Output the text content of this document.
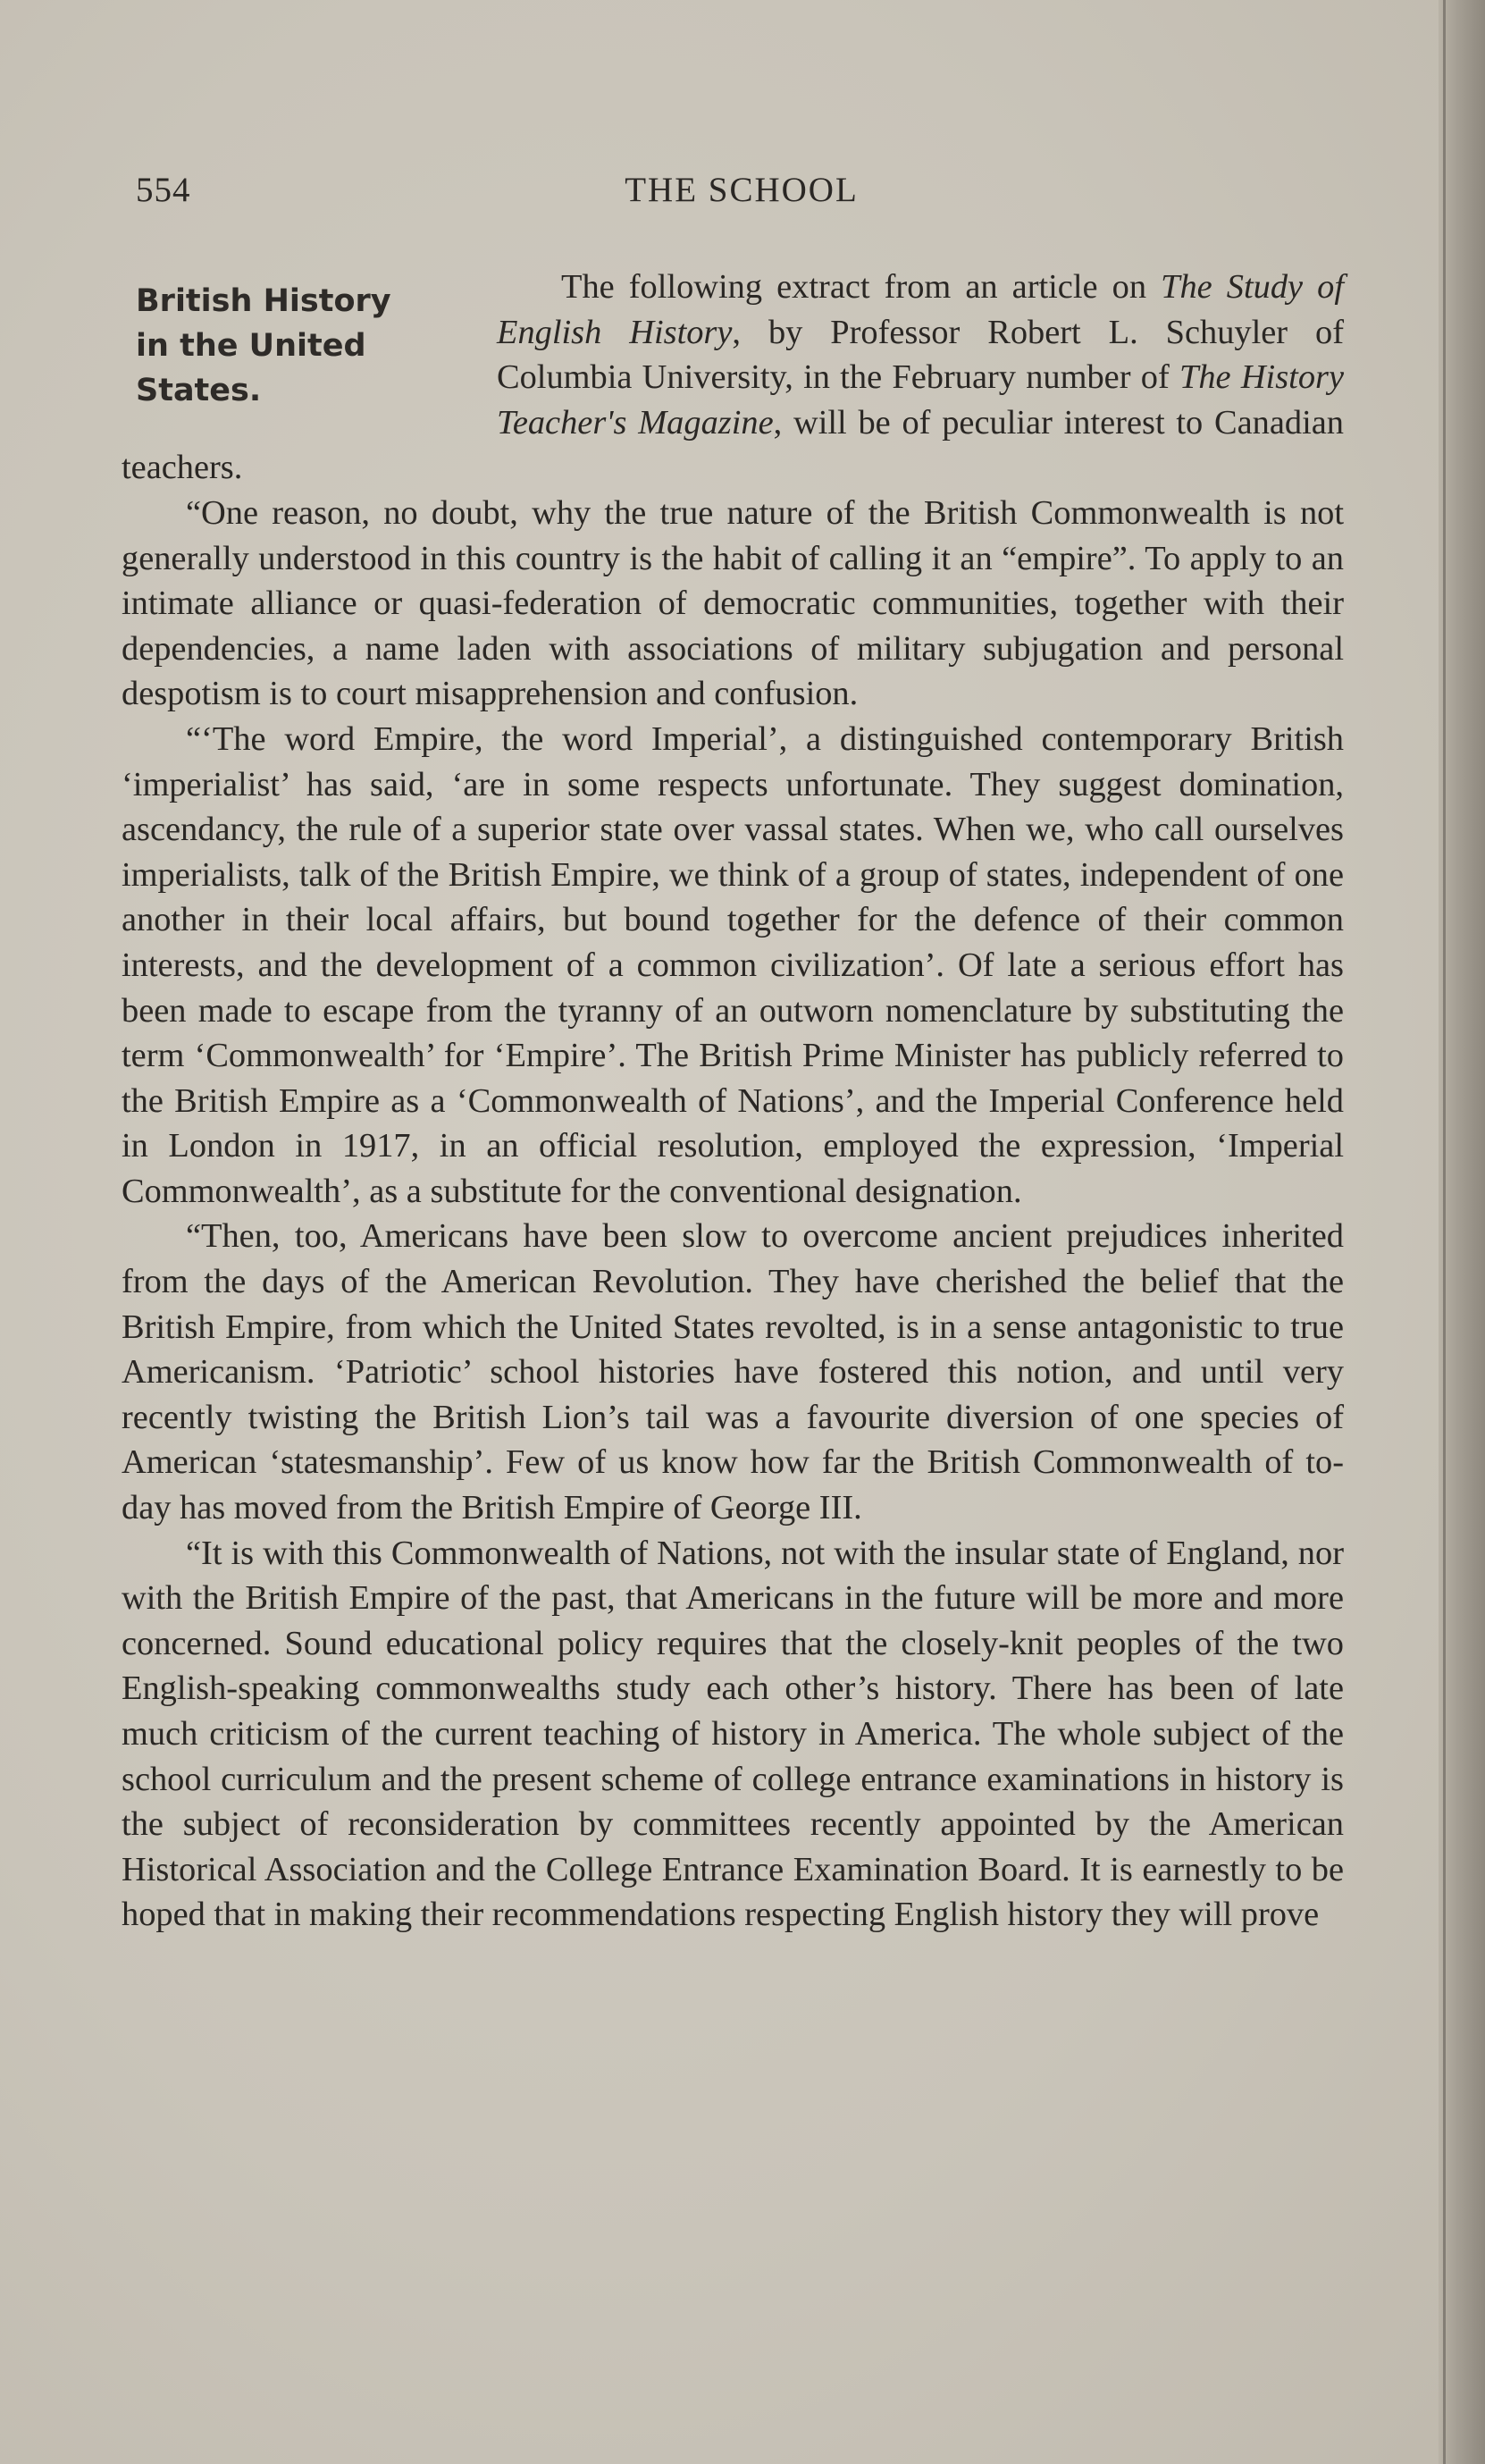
554	THE SCHOOL
British History
in the United
States.

The following extract from an article on The Study of English History, by Professor Robert L. Schuyler of Columbia University, in the February number of The History Teacher's Magazine, will be of peculiar interest to Canadian teachers.

“One reason, no doubt, why the true nature of the British Commonwealth is not generally understood in this country is the habit of calling it an “empire”. To apply to an intimate alliance or quasi-federation of democratic communities, together with their dependencies, a name laden with associations of military subjugation and personal despotism is to court misapprehension and confusion.

“‘The word Empire, the word Imperial’, a distinguished contemporary British ‘imperialist’ has said, ‘are in some respects unfortunate. They suggest domination, ascendancy, the rule of a superior state over vassal states. When we, who call ourselves imperialists, talk of the British Empire, we think of a group of states, independent of one another in their local affairs, but bound together for the defence of their common interests, and the development of a common civilization’. Of late a serious effort has been made to escape from the tyranny of an outworn nomenclature by substituting the term ‘Commonwealth’ for ‘Empire’. The British Prime Minister has publicly referred to the British Empire as a ‘Commonwealth of Nations’, and the Imperial Conference held in London in 1917, in an official resolution, employed the expression, ‘Imperial Commonwealth’, as a substitute for the conventional designation.

“Then, too, Americans have been slow to overcome ancient prejudices inherited from the days of the American Revolution. They have cherished the belief that the British Empire, from which the United States revolted, is in a sense antagonistic to true Americanism. ‘Patriotic’ school histories have fostered this notion, and until very recently twisting the British Lion’s tail was a favourite diversion of one species of American ‘statesmanship’. Few of us know how far the British Commonwealth of to-day has moved from the British Empire of George III.

“It is with this Commonwealth of Nations, not with the insular state of England, nor with the British Empire of the past, that Americans in the future will be more and more concerned. Sound educational policy requires that the closely-knit peoples of the two English-speaking commonwealths study each other’s history. There has been of late much criticism of the current teaching of history in America. The whole subject of the school curriculum and the present scheme of college entrance examinations in history is the subject of reconsideration by committees recently appointed by the American Historical Association and the College Entrance Examination Board. It is earnestly to be hoped that in making their recommendations respecting English history they will prove
